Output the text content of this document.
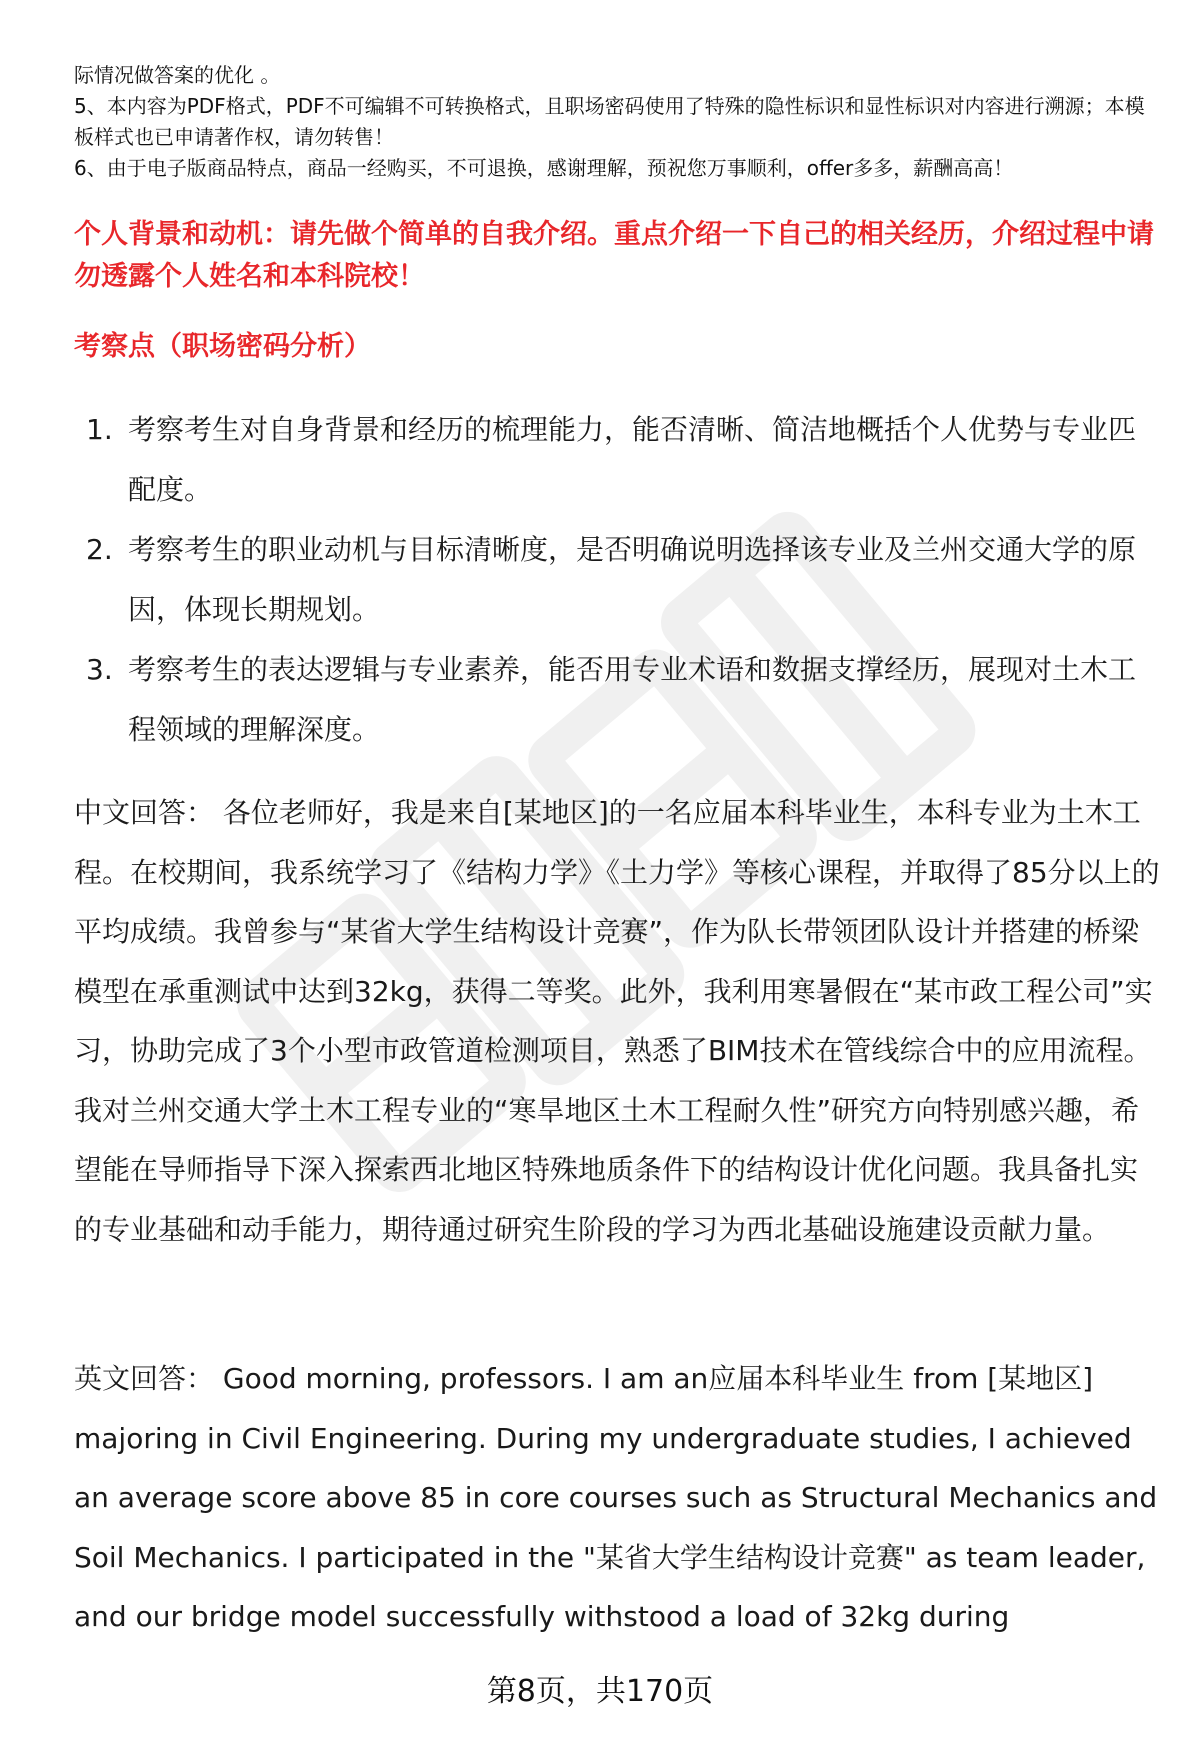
际情况做答案的优化 。

5、本内容为PDF格式，PDF不可编辑不可转换格式，且职场密码使用了特殊的隐性标识和显性标识对内容进行溯源；本模板样式也已申请著作权，请勿转售！

6、由于电子版商品特点，商品一经购买，不可退换，感谢理解，预祝您万事顺利，offer多多，薪酬高高！

个人背景和动机：请先做个简单的自我介绍。重点介绍一下自己的相关经历，介绍过程中请勿透露个人姓名和本科院校！
考察点（职场密码分析）
1. 考察考生对自身背景和经历的梳理能力，能否清晰、简洁地概括个人优势与专业匹配度。
2. 考察考生的职业动机与目标清晰度，是否明确说明选择该专业及兰州交通大学的原因，体现长期规划。
3. 考察考生的表达逻辑与专业素养，能否用专业术语和数据支撑经历，展现对土木工程领域的理解深度。

中文回答： 各位老师好，我是来自[某地区]的一名应届本科毕业生，本科专业为土木工程。在校期间，我系统学习了《结构力学》《土力学》等核心课程，并取得了85分以上的平均成绩。我曾参与“某省大学生结构设计竞赛”，作为队长带领团队设计并搭建的桥梁模型在承重测试中达到32kg，获得二等奖。此外，我利用寒暑假在“某市政工程公司”实习，协助完成了3个小型市政管道检测项目，熟悉了BIM技术在管线综合中的应用流程。我对兰州交通大学土木工程专业的“寒旱地区土木工程耐久性”研究方向特别感兴趣，希望能在导师指导下深入探索西北地区特殊地质条件下的结构设计优化问题。我具备扎实的专业基础和动手能力，期待通过研究生阶段的学习为西北基础设施建设贡献力量。

英文回答： Good morning, professors. I am an应届本科毕业生 from [某地区] majoring in Civil Engineering. During my undergraduate studies, I achieved an average score above 85 in core courses such as Structural Mechanics and Soil Mechanics. I participated in the "某省大学生结构设计竞赛" as team leader, and our bridge model successfully withstood a load of 32kg during

第8页，共170页
